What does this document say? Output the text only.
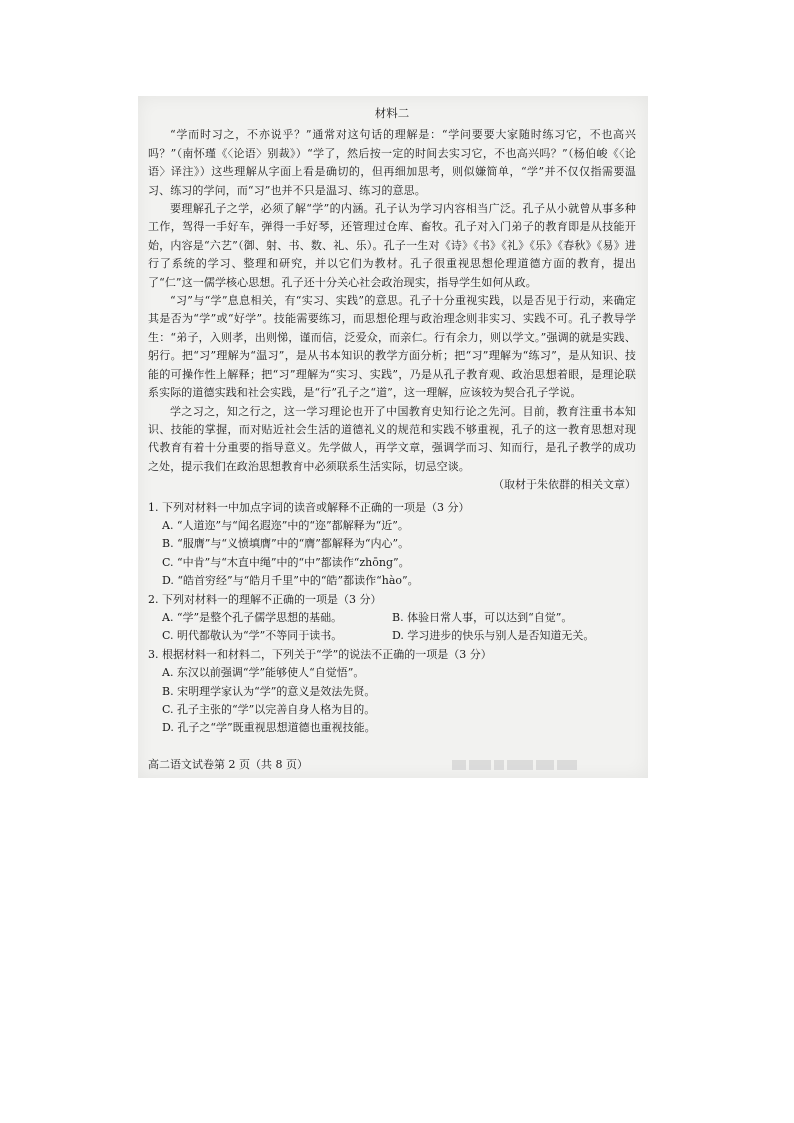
材料二

“学而时习之，不亦说乎？”通常对这句话的理解是：“学问要要大家随时练习它，不也高兴吗？”（南怀瑾《〈论语〉别裁》）“学了，然后按一定的时间去实习它，不也高兴吗？”（杨伯峻《〈论语〉译注》）这些理解从字面上看是确切的，但再细加思考，则似嫌简单，“学”并不仅仅指需要温习、练习的学问，而“习”也并不只是温习、练习的意思。

要理解孔子之学，必须了解“学”的内涵。孔子认为学习内容相当广泛。孔子从小就曾从事多种工作，驾得一手好车，弹得一手好琴，还管理过仓库、畜牧。孔子对入门弟子的教育即是从技能开始，内容是“六艺”（御、射、书、数、礼、乐）。孔子一生对《诗》《书》《礼》《乐》《春秋》《易》进行了系统的学习、整理和研究，并以它们为教材。孔子很重视思想伦理道德方面的教育，提出了“仁”这一儒学核心思想。孔子还十分关心社会政治现实，指导学生如何从政。

“习”与“学”息息相关，有“实习、实践”的意思。孔子十分重视实践，以是否见于行动，来确定其是否为“学”或“好学”。技能需要练习，而思想伦理与政治理念则非实习、实践不可。孔子教导学生：“弟子，入则孝，出则悌，谨而信，泛爱众，而亲仁。行有余力，则以学文。”强调的就是实践、躬行。把“习”理解为“温习”，是从书本知识的教学方面分析；把“习”理解为“练习”，是从知识、技能的可操作性上解释；把“习”理解为“实习、实践”，乃是从孔子教育观、政治思想着眼，是理论联系实际的道德实践和社会实践，是“行”孔子之“道”，这一理解，应该较为契合孔子学说。

学之习之，知之行之，这一学习理论也开了中国教育史知行论之先河。目前，教育注重书本知识、技能的掌握，而对贴近社会生活的道德礼义的规范和实践不够重视，孔子的这一教育思想对现代教育有着十分重要的指导意义。先学做人，再学文章，强调学而习、知而行，是孔子教学的成功之处，提示我们在政治思想教育中必须联系生活实际，切忌空谈。

（取材于朱依群的相关文章）

1. 下列对材料一中加点字词的读音或解释不正确的一项是（3 分）

A. “人道迩”与“闻名遐迩”中的“迩”都解释为“近”。

B. “服膺”与“义愤填膺”中的“膺”都解释为“内心”。

C. “中肯”与“木直中绳”中的“中”都读作“zhōng”。

D. “皓首穷经”与“皓月千里”中的“皓”都读作“hào”。

2. 下列对材料一的理解不正确的一项是（3 分）

A. “学”是整个孔子儒学思想的基础。	B. 体验日常人事，可以达到“自觉”。
C. 明代都敬认为“学”不等同于读书。	D. 学习进步的快乐与别人是否知道无关。

3. 根据材料一和材料二，下列关于“学”的说法不正确的一项是（3 分）

A. 东汉以前强调“学”能够使人“自觉悟”。

B. 宋明理学家认为“学”的意义是效法先贤。

C. 孔子主张的“学”以完善自身人格为目的。

D. 孔子之“学”既重视思想道德也重视技能。

高二语文试卷第 2 页（共 8 页）
